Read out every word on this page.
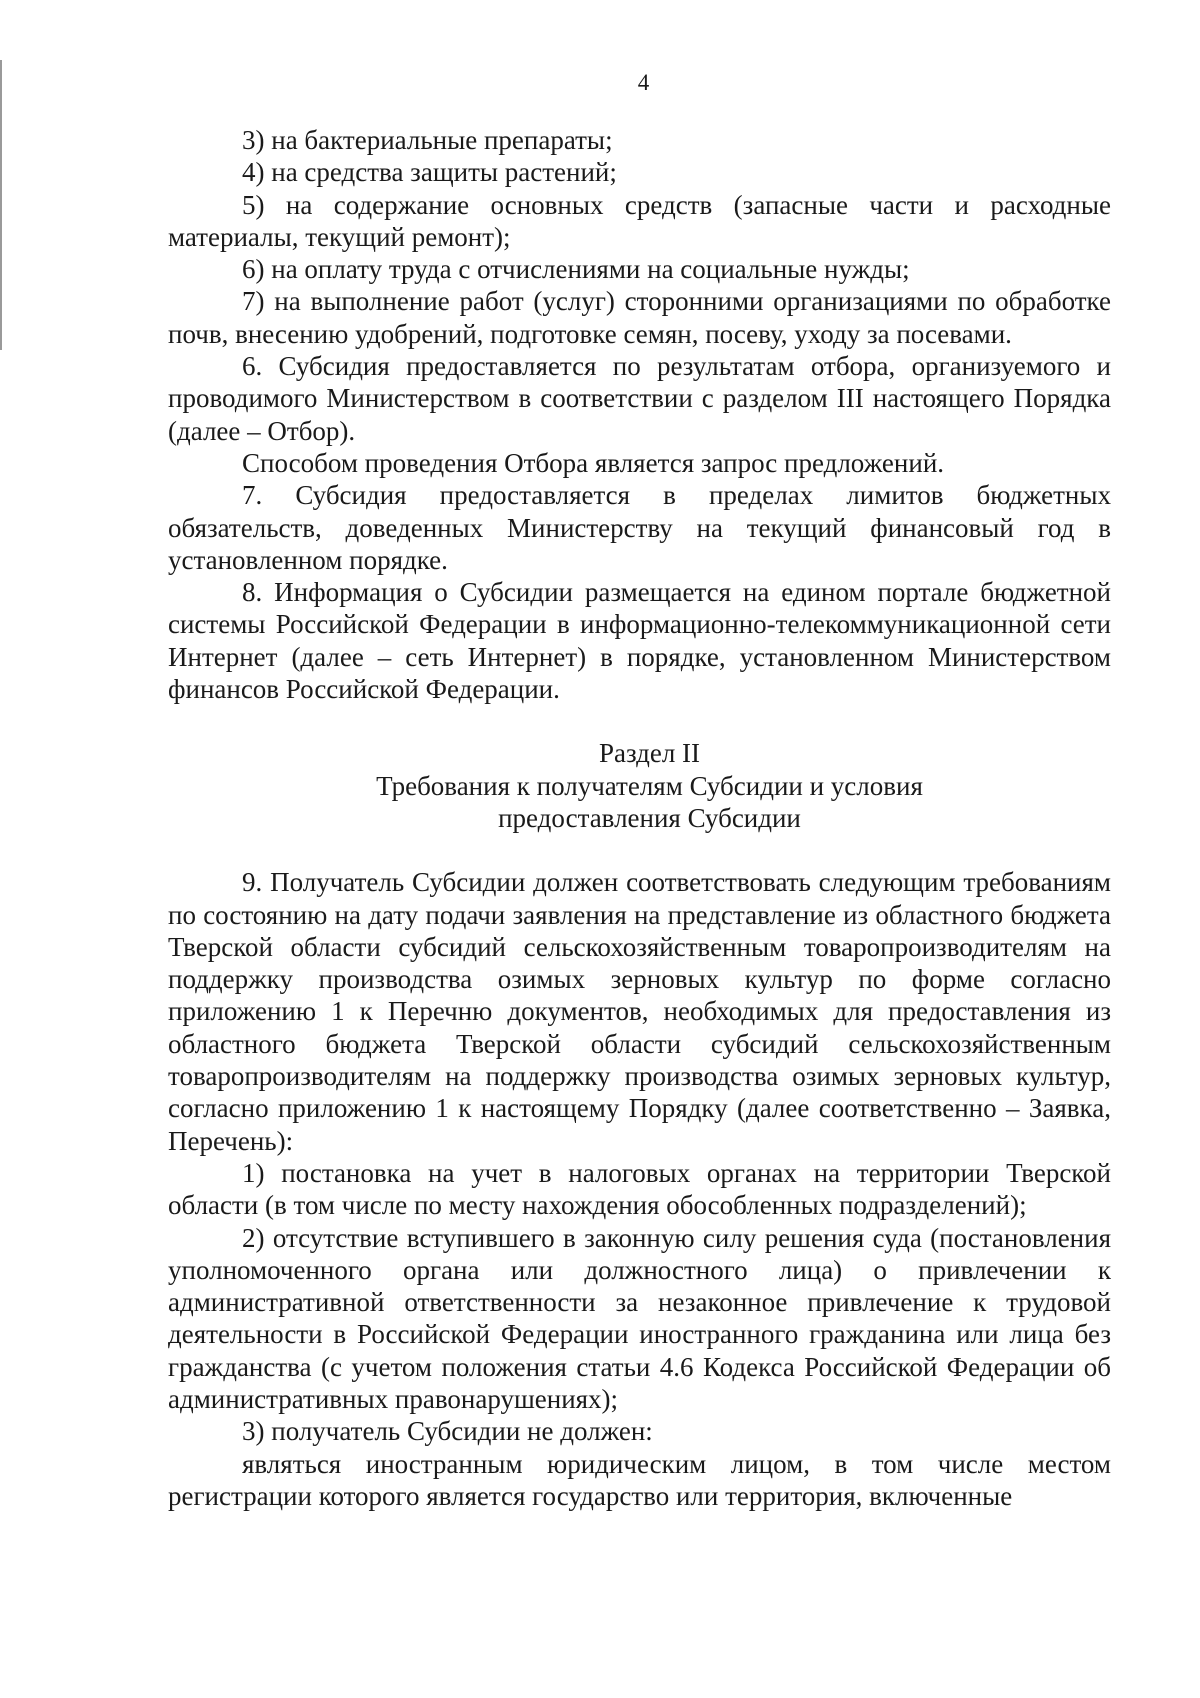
4

3) на бактериальные препараты;

4) на средства защиты растений;

5) на содержание основных средств (запасные части и расходные материалы, текущий ремонт);

6) на оплату труда с отчислениями на социальные нужды;

7) на выполнение работ (услуг) сторонними организациями по обработке почв, внесению удобрений, подготовке семян, посеву, уходу за посевами.

6. Субсидия предоставляется по результатам отбора, организуемого и проводимого Министерством в соответствии с разделом III настоящего Порядка (далее – Отбор).

Способом проведения Отбора является запрос предложений.

7. Субсидия предоставляется в пределах лимитов бюджетных обязательств, доведенных Министерству на текущий финансовый год в установленном порядке.

8. Информация о Субсидии размещается на едином портале бюджетной системы Российской Федерации в информационно-телекоммуникационной сети Интернет (далее – сеть Интернет) в порядке, установленном Министерством финансов Российской Федерации.

Раздел II

Требования к получателям Субсидии и условия

предоставления Субсидии

9. Получатель Субсидии должен соответствовать следующим требованиям по состоянию на дату подачи заявления на представление из областного бюджета Тверской области субсидий сельскохозяйственным товаропроизводителям на поддержку производства озимых зерновых культур по форме согласно приложению 1 к Перечню документов, необходимых для предоставления из областного бюджета Тверской области субсидий сельскохозяйственным товаропроизводителям на поддержку производства озимых зерновых культур, согласно приложению 1 к настоящему Порядку (далее соответственно – Заявка, Перечень):

1) постановка на учет в налоговых органах на территории Тверской области (в том числе по месту нахождения обособленных подразделений);

2) отсутствие вступившего в законную силу решения суда (постановления уполномоченного органа или должностного лица) о привлечении к административной ответственности за незаконное привлечение к трудовой деятельности в Российской Федерации иностранного гражданина или лица без гражданства (с учетом положения статьи 4.6 Кодекса Российской Федерации об административных правонарушениях);

3) получатель Субсидии не должен:

являться иностранным юридическим лицом, в том числе местом регистрации которого является государство или территория, включенные
